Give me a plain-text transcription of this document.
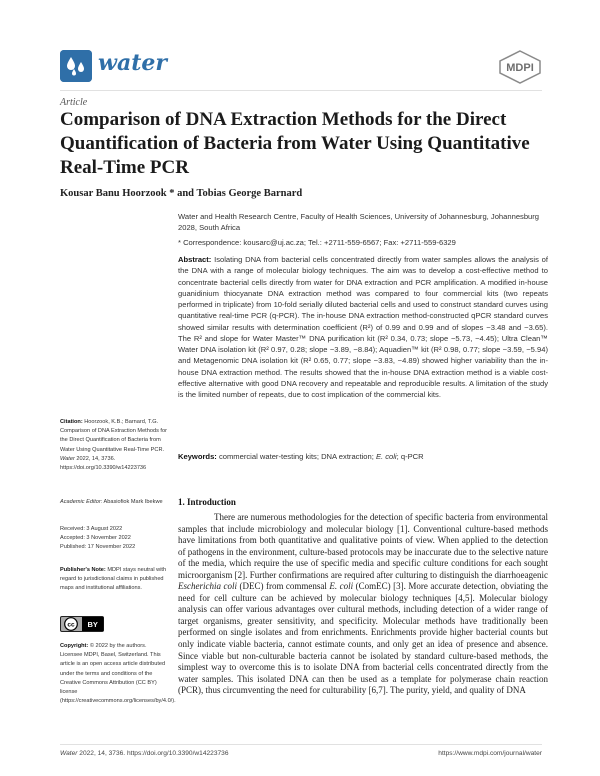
water	MDPI
Article
Comparison of DNA Extraction Methods for the Direct Quantification of Bacteria from Water Using Quantitative Real-Time PCR
Kousar Banu Hoorzook * and Tobias George Barnard
Water and Health Research Centre, Faculty of Health Sciences, University of Johannesburg, Johannesburg 2028, South Africa
* Correspondence: kousarc@uj.ac.za; Tel.: +2711-559-6567; Fax: +2711-559-6329

Abstract: Isolating DNA from bacterial cells concentrated directly from water samples allows the analysis of the DNA with a range of molecular biology techniques. The aim was to develop a cost-effective method to concentrate bacterial cells directly from water for DNA extraction and PCR amplification. A modified in-house guanidinium thiocyanate DNA extraction method was compared to four commercial kits (two repeats performed in triplicate) from 10-fold serially diluted bacterial cells and used to construct standard curves using quantitative real-time PCR (q-PCR). The in-house DNA extraction method-constructed qPCR standard curves showed similar results with determination coefficient (R²) of 0.99 and 0.99 and of slopes −3.48 and −3.65). The R² and slope for Water Master™ DNA purification kit (R² 0.34, 0.73; slope −5.73, −4.45); Ultra Clean™ Water DNA isolation kit (R² 0.97, 0.28; slope −3.89, −8.84); Aquadien™ kit (R² 0.98, 0.77; slope −3.59, −5.94) and Metagenomic DNA isolation kit (R² 0.65, 0.77; slope −3.83, −4.89) showed higher variability than the in-house DNA extraction method. The results showed that the in-house DNA extraction method is a viable cost-effective alternative with good DNA recovery and repeatable and reproducible results. A limitation of the study is the limited number of repeats, due to cost implication of the commercial kits.

Keywords: commercial water-testing kits; DNA extraction; E. coli; q-PCR

Citation: Hoorzook, K.B.; Barnard, T.G. Comparison of DNA Extraction Methods for the Direct Quantification of Bacteria from Water Using Quantitative Real-Time PCR. Water 2022, 14, 3736.
https://doi.org/10.3390/w14223736
Academic Editor: Abasiofiok Mark Ibekwe
Received: 3 August 2022
Accepted: 3 November 2022
Published: 17 November 2022
Publisher's Note: MDPI stays neutral with regard to jurisdictional claims in published maps and institutional affiliations.
cc BY
Copyright: © 2022 by the authors. Licensee MDPI, Basel, Switzerland. This article is an open access article distributed under the terms and conditions of the Creative Commons Attribution (CC BY) license (https://creativecommons.org/licenses/by/4.0/).
1. Introduction

    There are numerous methodologies for the detection of specific bacteria from environmental samples that include microbiology and molecular biology [1]. Conventional culture-based methods have limitations from both quantitative and qualitative points of view. When applied to the detection of pathogens in the environment, culture-based protocols may be inaccurate due to the selective nature of the media, which require the use of specific media and specific culture conditions for each sought microorganism [2]. Further confirmations are required after culturing to distinguish the diarrhoeagenic Escherichia coli (DEC) from commensal E. coli (ComEC) [3]. More accurate detection, obviating the need for cell culture can be achieved by molecular biology techniques [4,5]. Molecular biology analysis can offer various advantages over cultural methods, including detection of a wider range of target organisms, greater sensitivity, and specificity. Molecular methods have traditionally been performed on single isolates and from enrichments. Enrichments provide higher bacterial counts but only indicate viable bacteria, cannot estimate counts, and only get an idea of presence and absence. Since viable but non-culturable bacteria cannot be isolated by standard culture-based methods, the simplest way to overcome this is to isolate DNA from bacterial cells concentrated directly from the water samples. This isolated DNA can then be used as a template for polymerase chain reaction (PCR), thus circumventing the need for culturability [6,7]. The purity, yield, and quality of DNA

Water 2022, 14, 3736. https://doi.org/10.3390/w14223736	https://www.mdpi.com/journal/water
